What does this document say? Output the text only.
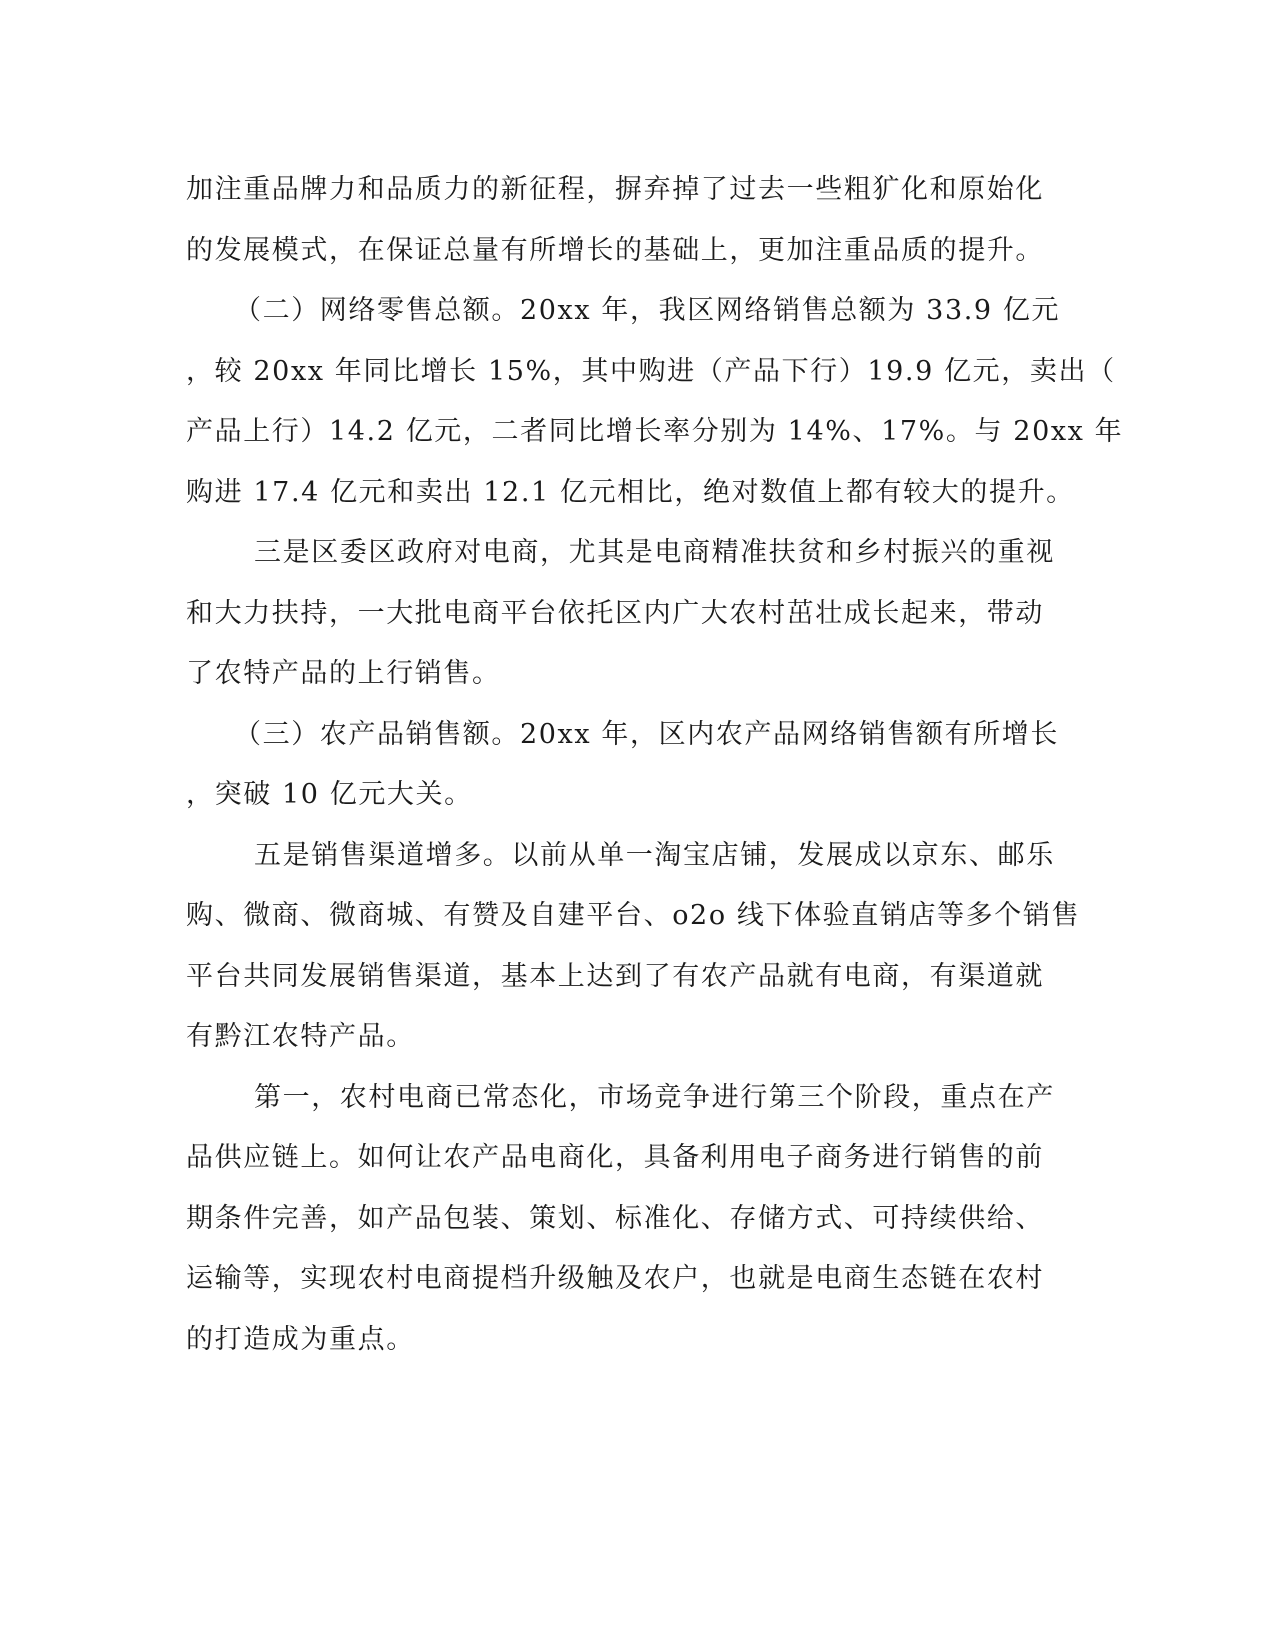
加注重品牌力和品质力的新征程，摒弃掉了过去一些粗犷化和原始化
的发展模式，在保证总量有所增长的基础上，更加注重品质的提升。
（二）网络零售总额。20xx 年，我区网络销售总额为 33.9 亿元
，较 20xx 年同比增长 15%，其中购进（产品下行）19.9 亿元，卖出（
产品上行）14.2 亿元，二者同比增长率分别为 14%、17%。与 20xx 年
购进 17.4 亿元和卖出 12.1 亿元相比，绝对数值上都有较大的提升。
三是区委区政府对电商，尤其是电商精准扶贫和乡村振兴的重视
和大力扶持，一大批电商平台依托区内广大农村茁壮成长起来，带动
了农特产品的上行销售。
（三）农产品销售额。20xx 年，区内农产品网络销售额有所增长
，突破 10 亿元大关。
五是销售渠道增多。以前从单一淘宝店铺，发展成以京东、邮乐
购、微商、微商城、有赞及自建平台、o2o 线下体验直销店等多个销售
平台共同发展销售渠道，基本上达到了有农产品就有电商，有渠道就
有黔江农特产品。
第一，农村电商已常态化，市场竞争进行第三个阶段，重点在产
品供应链上。如何让农产品电商化，具备利用电子商务进行销售的前
期条件完善，如产品包装、策划、标准化、存储方式、可持续供给、
运输等，实现农村电商提档升级触及农户，也就是电商生态链在农村
的打造成为重点。
